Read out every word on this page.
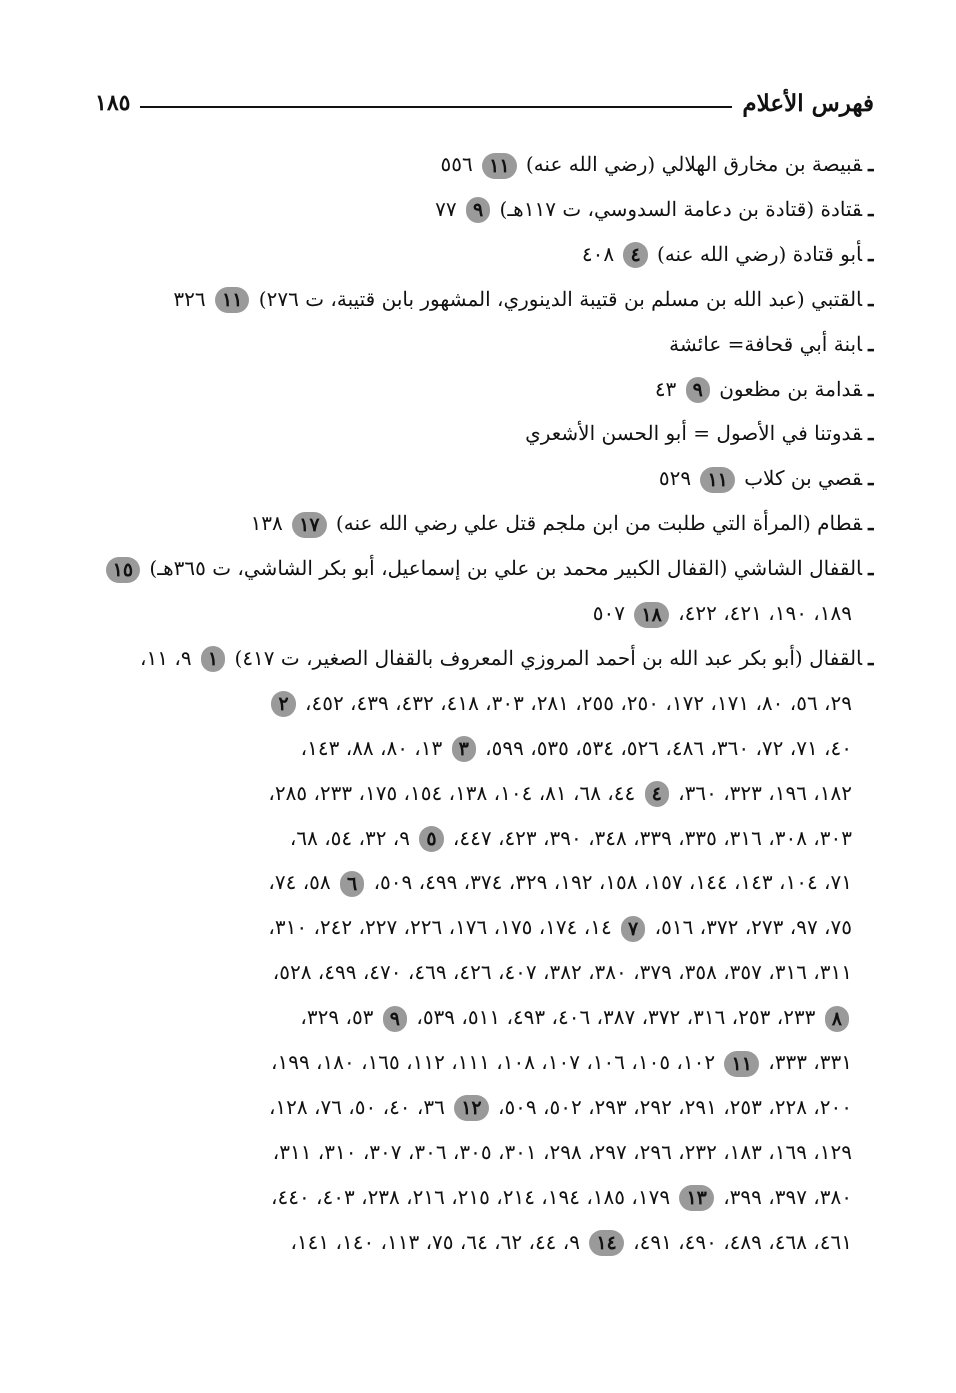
فهرس الأعلام
١٨٥
ـقبيصة بن مخارق الهلالي (رضي الله عنه) ١١ ٥٥٦
ـقتادة (قتادة بن دعامة السدوسي، ت ١١٧هـ) ٩ ٧٧
ـأبو قتادة (رضي الله عنه) ٤ ٤٠٨
ـالقتبي (عبد الله بن مسلم بن قتيبة الدينوري، المشهور بابن قتيبة، ت ٢٧٦) ١١ ٣٢٦
ـابنة أبي قحافة= عائشة
ـقدامة بن مظعون ٩ ٤٣
ـقدوتنا في الأصول = أبو الحسن الأشعري
ـقصي بن كلاب ١١ ٥٢٩
ـقطام (المرأة التي طلبت من ابن ملجم قتل علي رضي الله عنه) ١٧ ١٣٨
ـالقفال الشاشي (القفال الكبير محمد بن علي بن إسماعيل، أبو بكر الشاشي، ت ٣٦٥هـ) ١٥
١٨٩، ١٩٠، ٤٢١، ٤٢٢، ١٨ ٥٠٧
ـالقفال (أبو بكر عبد الله بن أحمد المروزي المعروف بالقفال الصغير، ت ٤١٧) ١ ٩، ١١،
٢٩، ٥٦، ٨٠، ١٧١، ١٧٢، ٢٥٠، ٢٥٥، ٢٨١، ٣٠٣، ٤١٨، ٤٣٢، ٤٣٩، ٤٥٢، ٢
٤٠، ٧١، ٧٢، ٣٦٠، ٤٨٦، ٥٢٦، ٥٣٤، ٥٣٥، ٥٩٩، ٣ ١٣، ٨٠، ٨٨، ١٤٣،
١٨٢، ١٩٦، ٣٢٣، ٣٦٠، ٤ ٤٤، ٦٨، ٨١، ١٠٤، ١٣٨، ١٥٤، ١٧٥، ٢٣٣، ٢٨٥،
٣٠٣، ٣٠٨، ٣١٦، ٣٣٥، ٣٣٩، ٣٤٨، ٣٩٠، ٤٢٣، ٤٤٧، ٥ ٩، ٣٢، ٥٤، ٦٨،
٧١، ١٠٤، ١٤٣، ١٤٤، ١٥٧، ١٥٨، ١٩٢، ٣٢٩، ٣٧٤، ٤٩٩، ٥٠٩، ٦ ٥٨، ٧٤،
٧٥، ٩٧، ٢٧٣، ٣٧٢، ٥١٦، ٧ ١٤، ١٧٤، ١٧٥، ١٧٦، ٢٢٦، ٢٢٧، ٢٤٢، ٣١٠،
٣١١، ٣١٦، ٣٥٧، ٣٥٨، ٣٧٩، ٣٨٠، ٣٨٢، ٤٠٧، ٤٢٦، ٤٦٩، ٤٧٠، ٤٩٩، ٥٢٨،
٨ ٢٣٣، ٢٥٣، ٣١٦، ٣٧٢، ٣٨٧، ٤٠٦، ٤٩٣، ٥١١، ٥٣٩، ٩ ٥٣، ٣٢٩،
٣٣١، ٣٣٣، ١١ ١٠٢، ١٠٥، ١٠٦، ١٠٧، ١٠٨، ١١١، ١١٢، ١٦٥، ١٨٠، ١٩٩،
٢٠٠، ٢٢٨، ٢٥٣، ٢٩١، ٢٩٢، ٢٩٣، ٥٠٢، ٥٠٩، ١٢ ٣٦، ٤٠، ٥٠، ٧٦، ١٢٨،
١٢٩، ١٦٩، ١٨٣، ٢٣٢، ٢٩٦، ٢٩٧، ٢٩٨، ٣٠١، ٣٠٥، ٣٠٦، ٣٠٧، ٣١٠، ٣١١،
٣٨٠، ٣٩٧، ٣٩٩، ١٣ ١٧٩، ١٨٥، ١٩٤، ٢١٤، ٢١٥، ٢١٦، ٢٣٨، ٤٠٣، ٤٤٠،
٤٦١، ٤٦٨، ٤٨٩، ٤٩٠، ٤٩١، ١٤ ٩، ٤٤، ٦٢، ٦٤، ٧٥، ١١٣، ١٤٠، ١٤١،
